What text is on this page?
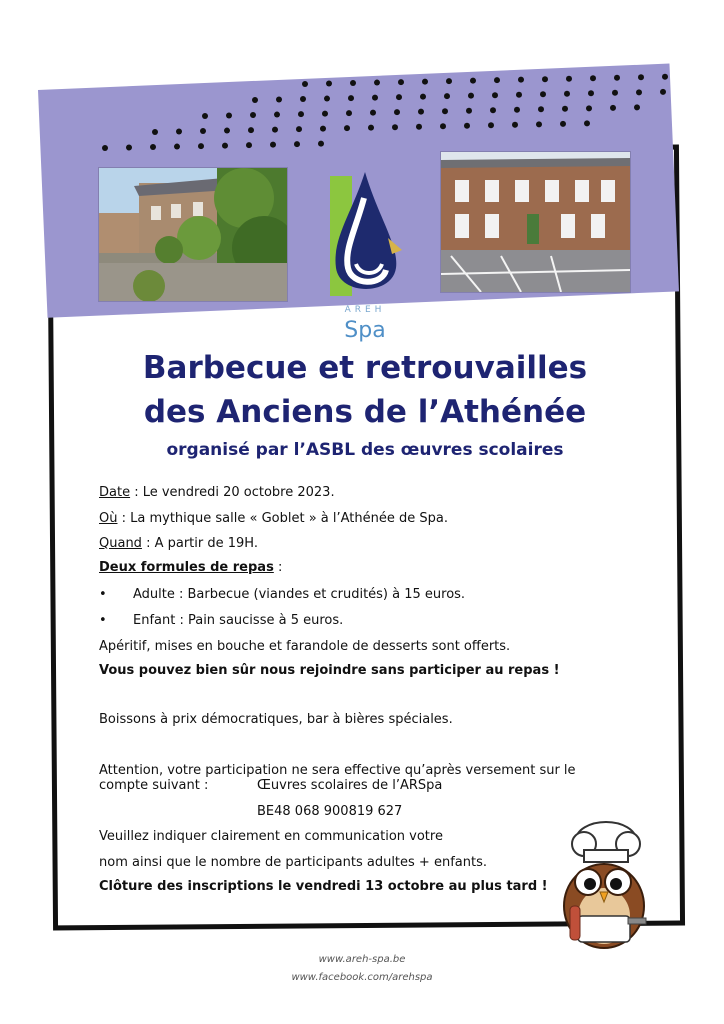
AREH
Spa
Barbecue et retrouvailles
des Anciens de l’Athénée
organisé par l’ASBL des œuvres scolaires
Date : Le vendredi 20 octobre 2023.
Où : La mythique salle « Goblet » à l’Athénée de Spa.
Quand : A partir de 19H.
Deux formules de repas :
• Adulte : Barbecue (viandes et crudités) à 15 euros.
• Enfant : Pain saucisse à 5 euros.
Apéritif, mises en bouche et farandole de desserts sont offerts.
Vous pouvez bien sûr nous rejoindre sans participer au repas !
Boissons à prix démocratiques, bar à bières spéciales.
Attention, votre participation ne sera effective qu’après versement sur le
compte suivant :	Œuvres scolaires de l’ARSpa
BE48 068 900819 627
Veuillez indiquer clairement en communication votre
nom ainsi que le nombre de participants adultes + enfants.
Clôture des inscriptions le vendredi 13 octobre au plus tard !
www.areh-spa.be
www.facebook.com/arehspa
